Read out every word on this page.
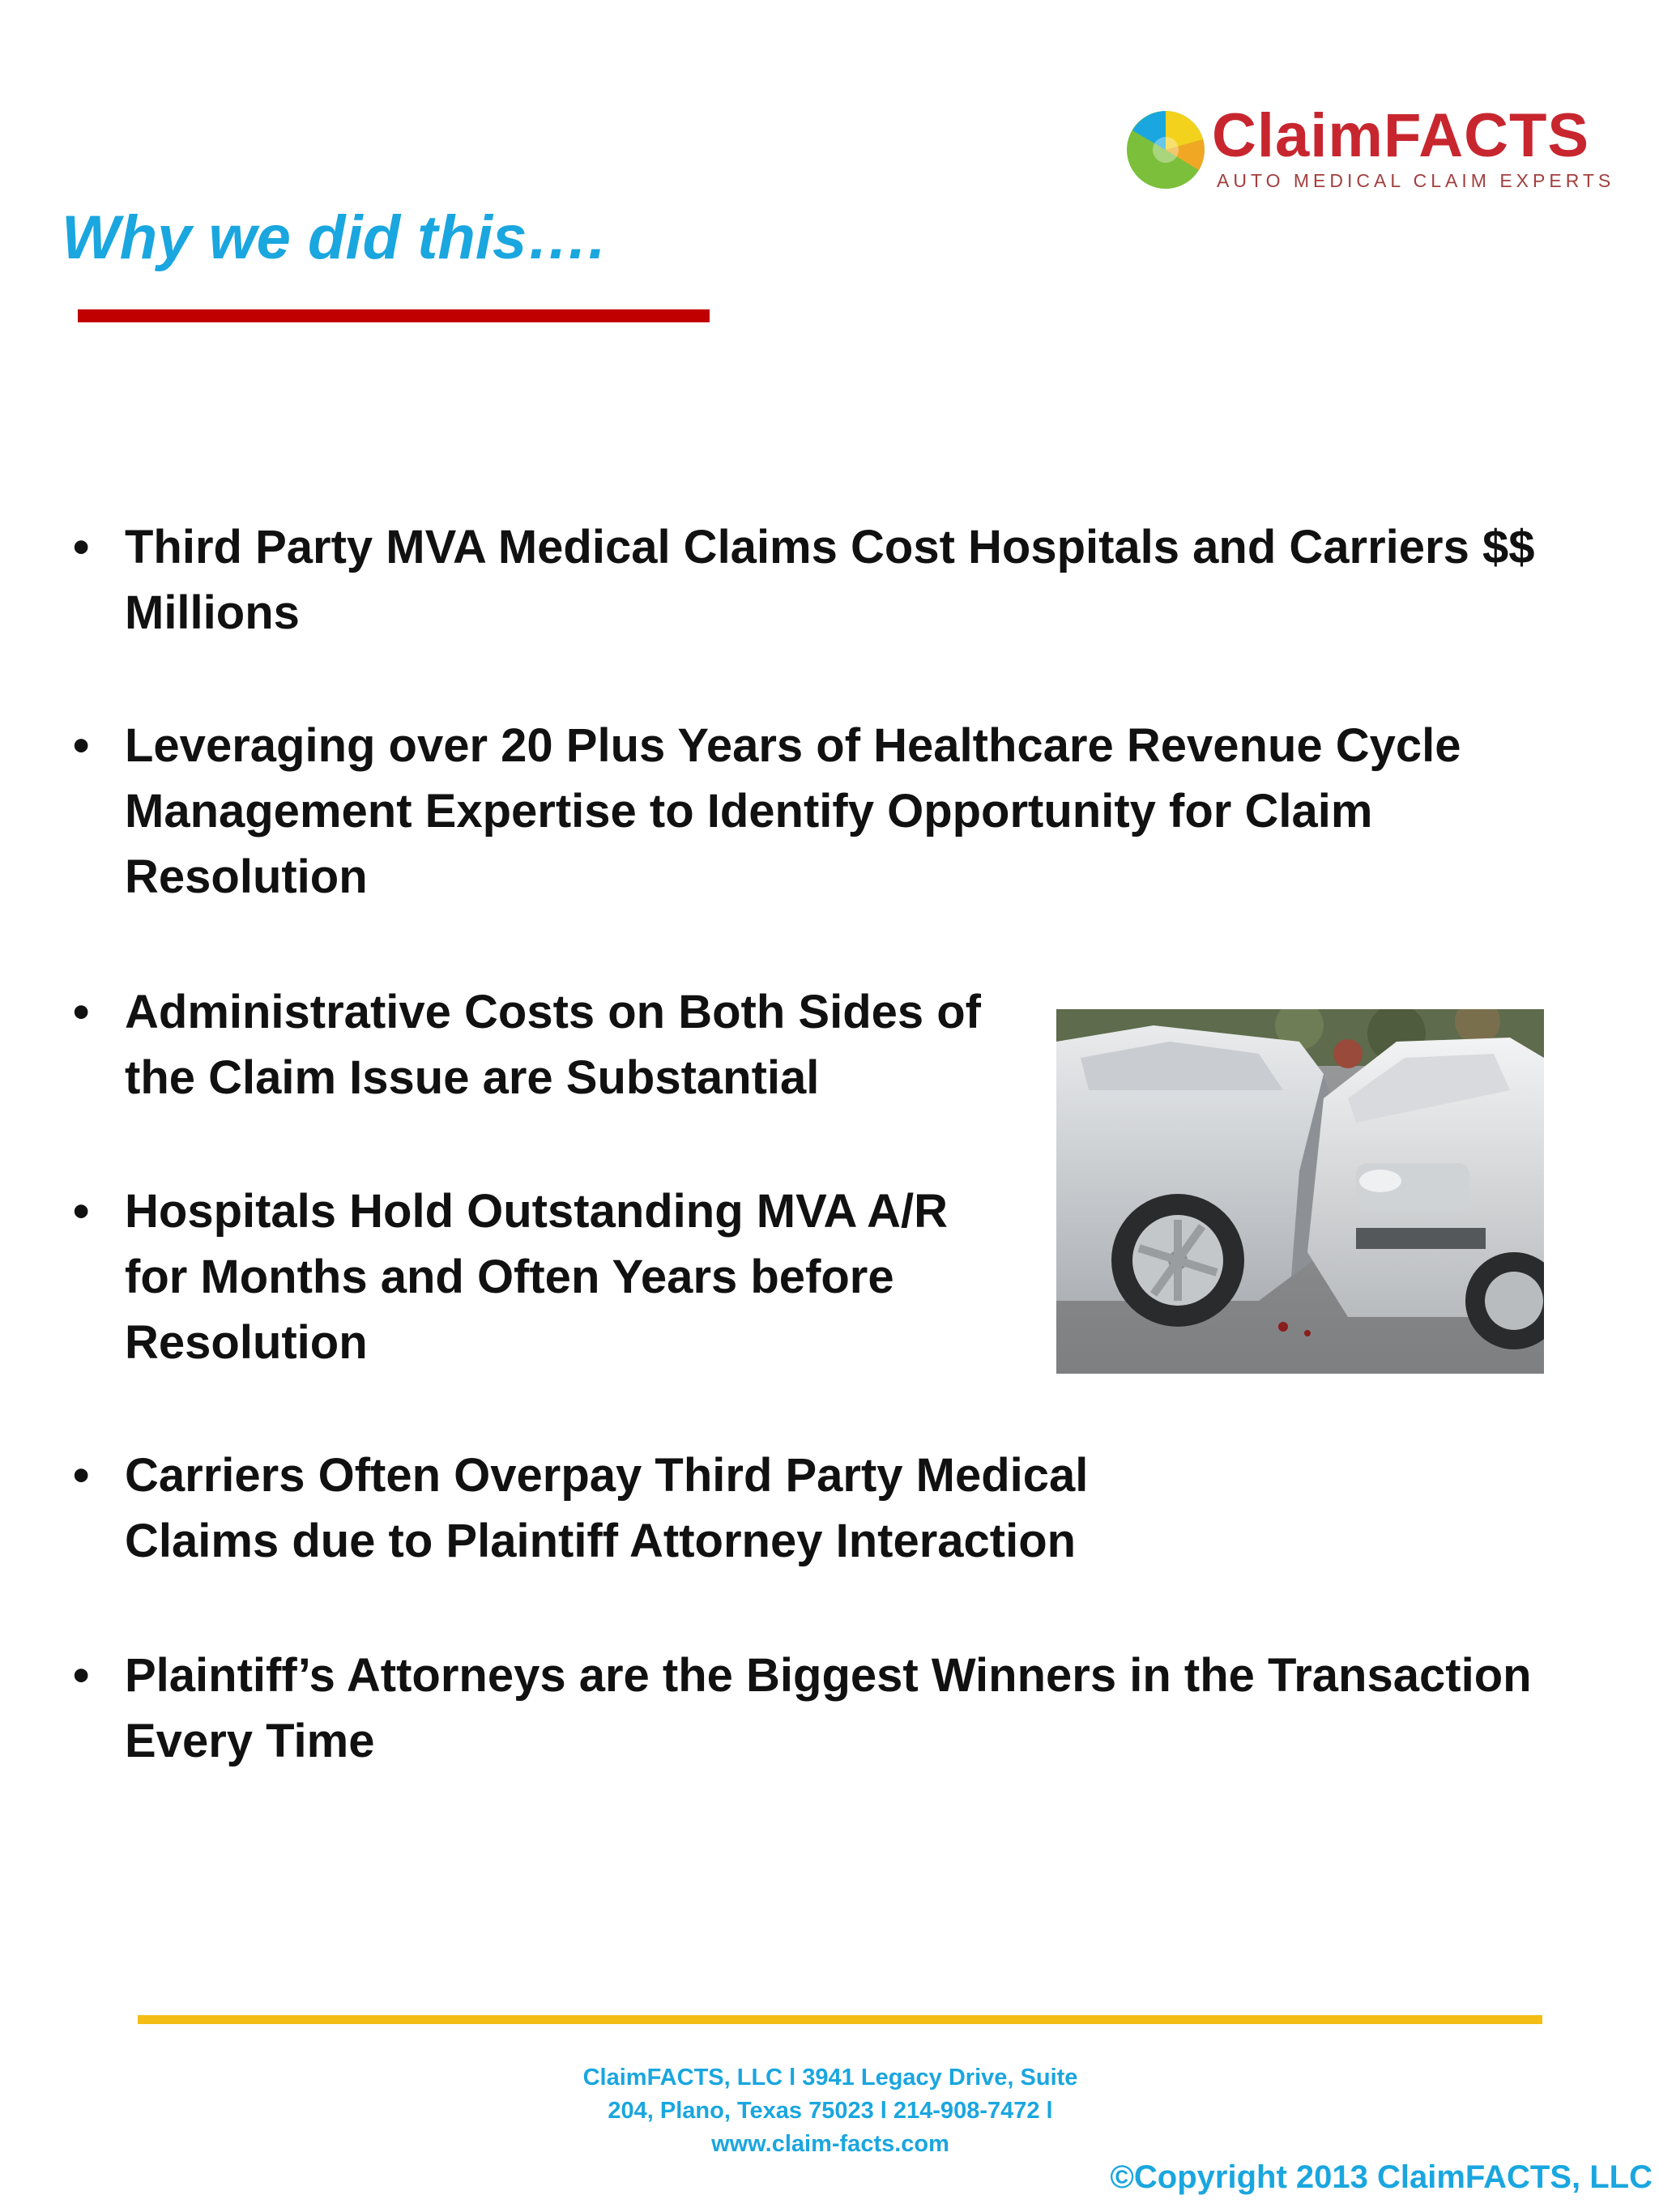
ClaimFACTS
AUTO MEDICAL CLAIM EXPERTS
Why we did this….
• Third Party MVA Medical Claims Cost Hospitals and Carriers $$
Millions
• Leveraging over 20 Plus Years of Healthcare Revenue Cycle
Management Expertise to Identify Opportunity for Claim
Resolution
• Administrative Costs on Both Sides of
the Claim Issue are Substantial
• Hospitals Hold Outstanding MVA A/R
for Months and Often Years before
Resolution
• Carriers Often Overpay Third Party Medical
Claims due to Plaintiff Attorney Interaction
• Plaintiff’s Attorneys are the Biggest Winners in the Transaction
Every Time
ClaimFACTS, LLC l 3941 Legacy Drive, Suite
204, Plano, Texas 75023 l 214-908-7472 l
www.claim-facts.com
©Copyright 2013 ClaimFACTS, LLC
